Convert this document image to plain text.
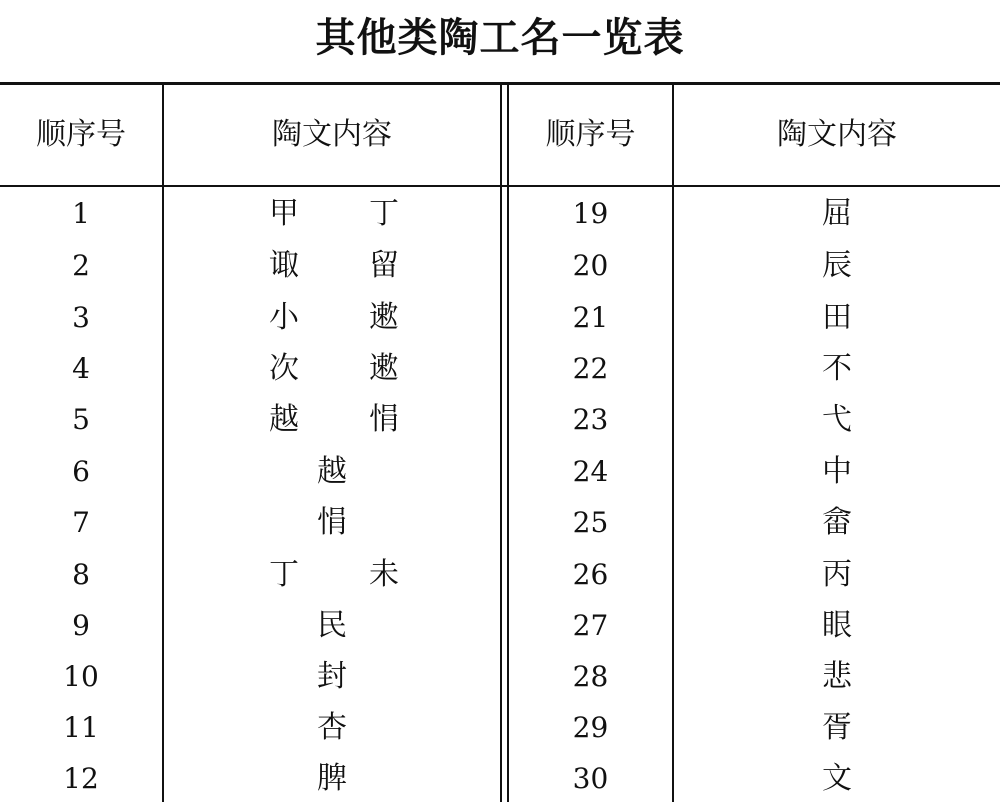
其他类陶工名一览表
顺序号	陶文内容	顺序号	陶文内容
1	甲	丁	19	屈
2	诹	留	20	辰
3	小	遬	21	田
4	次	遬	22	不
5	越	悁	23	弋
6	越	24	中
7	悁	25	畲
8	丁	未	26	丙
9	民	27	眼
10	封	28	悲
11	杏	29	胥
12	脾	30	文
